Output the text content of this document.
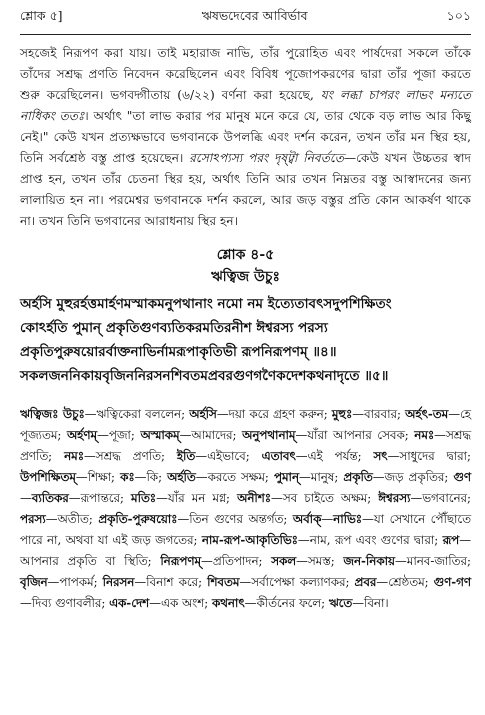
শ্লোক ৫]	ঋষভদেবের আবির্ভাব	১০১

সহজেই নিরূপণ করা যায়। তাই মহারাজ নাভি, তাঁর পুরোহিত এবং পার্ষদেরা সকলে তাঁকে তাঁদের সশ্রদ্ধ প্রণতি নিবেদন করেছিলেন এবং বিবিধ পূজোপকরণের দ্বারা তাঁর পূজা করতে শুরু করেছিলেন। ভগবদ্গীতায় (৬/২২) বর্ণনা করা হয়েছে, যং লব্ধা চাপরং লাভং মন্যতে নাধিকং ততঃ। অর্থাৎ "তা লাভ করার পর মানুষ মনে করে যে, তার থেকে বড় লাভ আর কিছু নেই।" কেউ যখন প্রত্যক্ষভাবে ভগবানকে উপলব্ধি এবং দর্শন করেন, তখন তাঁর মন স্থির হয়, তিনি সর্বশ্রেষ্ঠ বস্তু প্রাপ্ত হয়েছেন। রসোঽপ্যস্য পরং দৃষ্ট্বা নিবর্ততে—কেউ যখন উচ্চতর স্বাদ প্রাপ্ত হন, তখন তাঁর চেতনা স্থির হয়, অর্থাৎ তিনি আর তখন নিম্নতর বস্তু আস্বাদনের জন্য লালায়িত হন না। পরমেশ্বর ভগবানকে দর্শন করলে, আর জড় বস্তুর প্রতি কোন আকর্ষণ থাকে না। তখন তিনি ভগবানের আরাধনায় স্থির হন।

শ্লোক ৪-৫
ঋত্বিজ উচুঃ
অর্হসি মুহুরর্হত্তমার্হণমস্মাকমনুপথানাং নমো নম ইত্যেতাবৎসদুপশিক্ষিতং
কোঽর্হতি পুমান্ প্রকৃতিগুণব্যতিকরমতিরনীশ ঈশ্বরস্য পরস্য
প্রকৃতিপুরুষয়োরর্বাক্তনাভির্নামরূপাকৃতিভী রূপনিরূপণম্ ॥৪॥
সকলজননিকায়বৃজিননিরসনশিবতমপ্রবরগুণগণৈকদেশকথনাদৃতে ॥৫॥

ঋত্বিজঃ উচুঃ—ঋত্বিকেরা বললেন; অর্হসি—দয়া করে গ্রহণ করুন; মুহুঃ—বারবার; অর্হৎ-তম—হে পূজ্যতম; অর্হণম্—পূজা; অস্মাকম্—আমাদের; অনুপথানাম্—যাঁরা আপনার সেবক; নমঃ—সশ্রদ্ধ প্রণতি; নমঃ—সশ্রদ্ধ প্রণতি; ইতি—এইভাবে; এতাবৎ—এই পর্যন্ত; সৎ—সাধুদের দ্বারা; উপশিক্ষিতম্—শিক্ষা; কঃ—কি; অর্হতি—করতে সক্ষম; পুমান্—মানুষ; প্রকৃতি—জড় প্রকৃতির; গুণ—ব্যতিকর—রূপান্তরে; মতিঃ—যাঁর মন মগ্ন; অনীশঃ—সব চাইতে অক্ষম; ঈশ্বরস্য—ভগবানের; পরস্য—অতীত; প্রকৃতি-পুরুষয়োঃ—তিন গুণের অন্তর্গত; অর্বাক্—নাভিঃ—যা সেখানে পৌঁছাতে পারে না, অথবা যা এই জড় জগতের; নাম-রূপ-আকৃতিভিঃ—নাম, রূপ এবং গুণের দ্বারা; রূপ—আপনার প্রকৃতি বা স্থিতি; নিরূপণম্—প্রতিপাদন; সকল—সমস্ত; জন-নিকায়—মানব-জাতির; বৃজিন—পাপকর্ম; নিরসন—বিনাশ করে; শিবতম—সর্বাপেক্ষা কল্যাণকর; প্রবর—শ্রেষ্ঠতম; গুণ-গণ—দিব্য গুণাবলীর; এক-দেশ—এক অংশ; কথনাৎ—কীর্তনের ফলে; ঋতে—বিনা।
